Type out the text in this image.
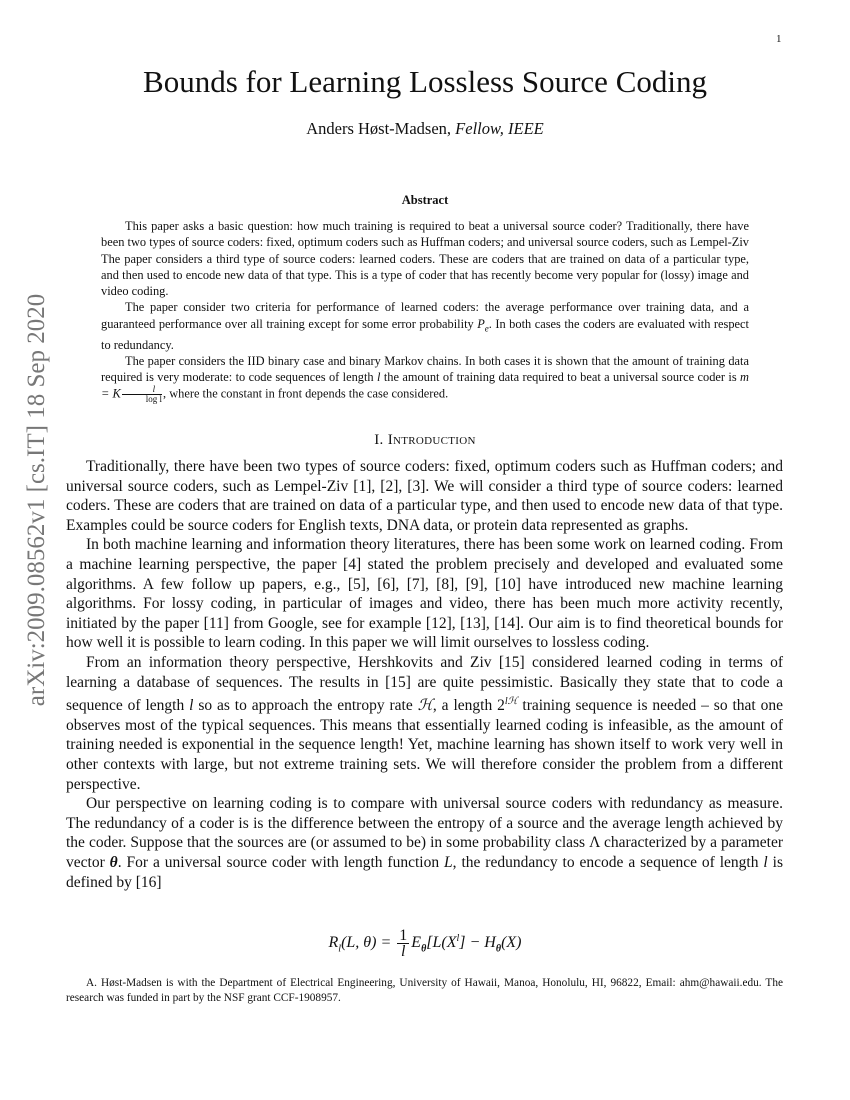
1
arXiv:2009.08562v1 [cs.IT] 18 Sep 2020
Bounds for Learning Lossless Source Coding
Anders Høst-Madsen, Fellow, IEEE
Abstract

This paper asks a basic question: how much training is required to beat a universal source coder? Traditionally, there have been two types of source coders: fixed, optimum coders such as Huffman coders; and universal source coders, such as Lempel-Ziv The paper considers a third type of source coders: learned coders. These are coders that are trained on data of a particular type, and then used to encode new data of that type. This is a type of coder that has recently become very popular for (lossy) image and video coding.

The paper consider two criteria for performance of learned coders: the average performance over training data, and a guaranteed performance over all training except for some error probability $P_e$. In both cases the coders are evaluated with respect to redundancy.

The paper considers the IID binary case and binary Markov chains. In both cases it is shown that the amount of training data required is very moderate: to code sequences of length l the amount of training data required to beat a universal source coder is m = K $\frac{l}{\text{log l}}$ , where the constant in front depends the case considered.

I. Introduction

Traditionally, there have been two types of source coders: fixed, optimum coders such as Huffman coders; and universal source coders, such as Lempel-Ziv [1], [2], [3]. We will consider a third type of source coders: learned coders. These are coders that are trained on data of a particular type, and then used to encode new data of that type. Examples could be source coders for English texts, DNA data, or protein data represented as graphs.

In both machine learning and information theory literatures, there has been some work on learned coding. From a machine learning perspective, the paper [4] stated the problem precisely and developed and evaluated some algorithms. A few follow up papers, e.g., [5], [6], [7], [8], [9], [10] have introduced new machine learning algorithms. For lossy coding, in particular of images and video, there has been much more activity recently, initiated by the paper [11] from Google, see for example [12], [13], [14]. Our aim is to find theoretical bounds for how well it is possible to learn coding. In this paper we will limit ourselves to lossless coding.

From an information theory perspective, Hershkovits and Ziv [15] considered learned coding in terms of learning a database of sequences. The results in [15] are quite pessimistic. Basically they state that to code a sequence of length l so as to approach the entropy rate ℋ, a length $2^{lℋ}$ training sequence is needed – so that one observes most of the typical sequences. This means that essentially learned coding is infeasible, as the amount of training needed is exponential in the sequence length! Yet, machine learning has shown itself to work very well in other contexts with large, but not extreme training sets. We will therefore consider the problem from a different perspective.

Our perspective on learning coding is to compare with universal source coders with redundancy as measure. The redundancy of a coder is is the difference between the entropy of a source and the average length achieved by the coder. Suppose that the sources are (or assumed to be) in some probability class Λ characterized by a parameter vector θ. For a universal source coder with length function L, the redundancy to encode a sequence of length l is defined by [16]

$R_l(L$, $\theta) = \frac{1}{l} E_\theta[L(X^l] - H_\theta(X)$

A. Høst-Madsen is with the Department of Electrical Engineering, University of Hawaii, Manoa, Honolulu, HI, 96822, Email: ahm@hawaii.edu. The research was funded in part by the NSF grant CCF-1908957.
